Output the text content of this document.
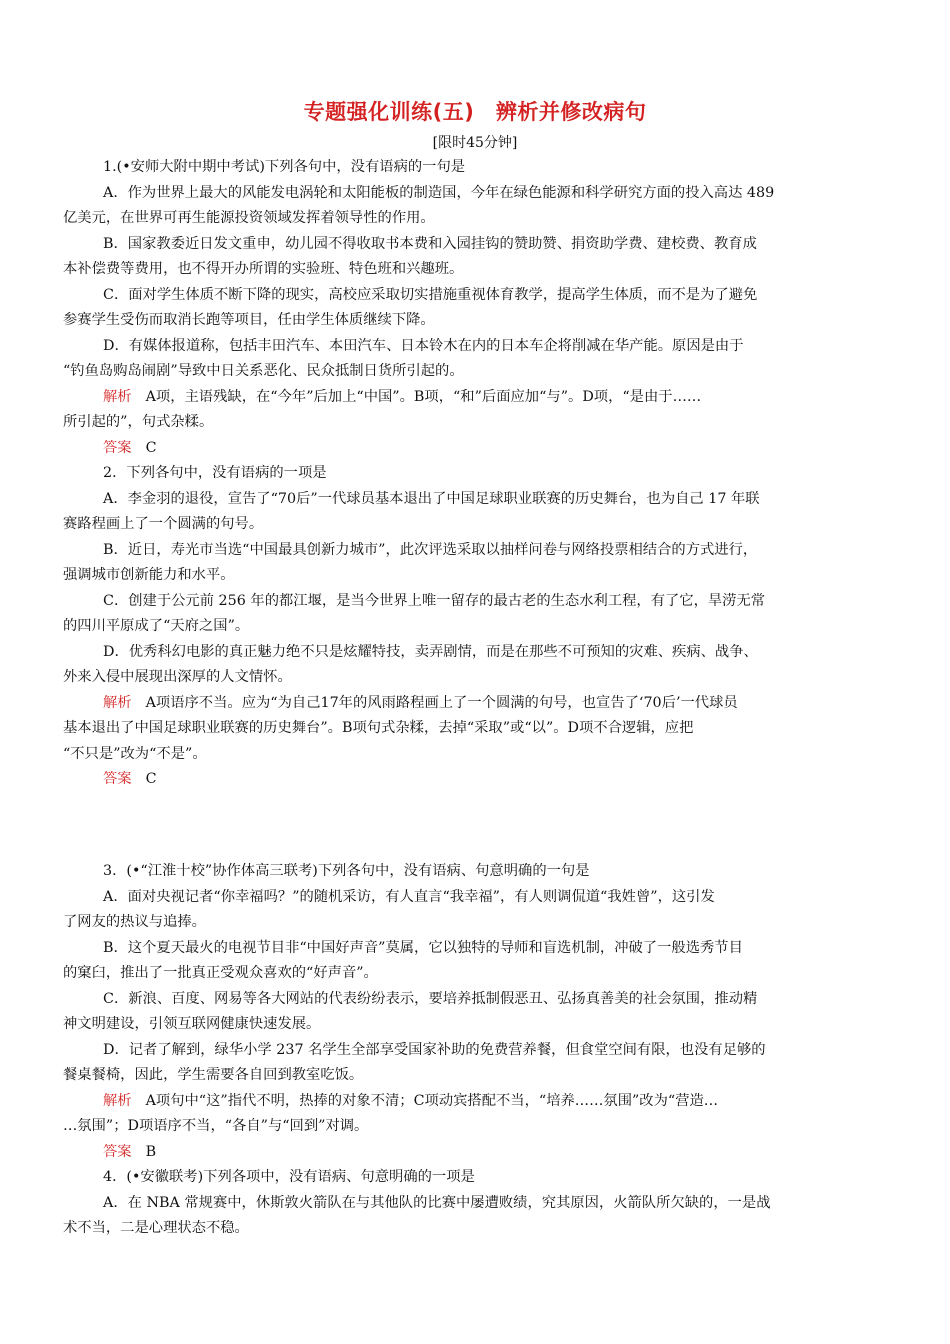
专题强化训练(五)　辨析并修改病句
[限时45分钟]

1.(•安师大附中期中考试)下列各句中，没有语病的一句是

A．作为世界上最大的风能发电涡轮和太阳能板的制造国，今年在绿色能源和科学研究方面的投入高达 489

亿美元，在世界可再生能源投资领域发挥着领导性的作用。

B．国家教委近日发文重申，幼儿园不得收取书本费和入园挂钩的赞助赞、捐资助学费、建校费、教育成

本补偿费等费用，也不得开办所谓的实验班、特色班和兴趣班。

C．面对学生体质不断下降的现实，高校应采取切实措施重视体育教学，提高学生体质，而不是为了避免

参赛学生受伤而取消长跑等项目，任由学生体质继续下降。

D．有媒体报道称，包括丰田汽车、本田汽车、日本铃木在内的日本车企将削减在华产能。原因是由于

“钓鱼岛购岛闹剧”导致中日关系恶化、民众抵制日货所引起的。

解析 A项，主语残缺，在“今年”后加上“中国”。B项，“和”后面应加“与”。D项，“是由于……

所引起的”，句式杂糅。

答案 C

2．下列各句中，没有语病的一项是

A．李金羽的退役，宣告了“70后”一代球员基本退出了中国足球职业联赛的历史舞台，也为自己 17 年联

赛路程画上了一个圆满的句号。

B．近日，寿光市当选“中国最具创新力城市”，此次评选采取以抽样问卷与网络投票相结合的方式进行，

强调城市创新能力和水平。

C．创建于公元前 256 年的都江堰，是当今世界上唯一留存的最古老的生态水利工程，有了它，旱涝无常

的四川平原成了“天府之国”。

D．优秀科幻电影的真正魅力绝不只是炫耀特技，卖弄剧情，而是在那些不可预知的灾难、疾病、战争、

外来入侵中展现出深厚的人文情怀。

解析 A项语序不当。应为“为自己17年的风雨路程画上了一个圆满的句号，也宣告了‘70后’一代球员

基本退出了中国足球职业联赛的历史舞台”。B项句式杂糅，去掉“采取”或“以”。D项不合逻辑，应把

“不只是”改为“不是”。

答案 C

3．(•“江淮十校”协作体高三联考)下列各句中，没有语病、句意明确的一句是

A．面对央视记者“你幸福吗？”的随机采访，有人直言“我幸福”，有人则调侃道“我姓曾”，这引发

了网友的热议与追捧。

B．这个夏天最火的电视节目非“中国好声音”莫属，它以独特的导师和盲选机制，冲破了一般选秀节目

的窠臼，推出了一批真正受观众喜欢的“好声音”。

C．新浪、百度、网易等各大网站的代表纷纷表示，要培养抵制假恶丑、弘扬真善美的社会氛围，推动精

神文明建设，引领互联网健康快速发展。

D．记者了解到，绿华小学 237 名学生全部享受国家补助的免费营养餐，但食堂空间有限，也没有足够的

餐桌餐椅，因此，学生需要各自回到教室吃饭。

解析 A项句中“这”指代不明，热捧的对象不清；C项动宾搭配不当，“培养……氛围”改为“营造…

…氛围”；D项语序不当，“各自”与“回到”对调。

答案 B

4．(•安徽联考)下列各项中，没有语病、句意明确的一项是

A．在 NBA 常规赛中，休斯敦火箭队在与其他队的比赛中屡遭败绩，究其原因，火箭队所欠缺的，一是战

术不当，二是心理状态不稳。
